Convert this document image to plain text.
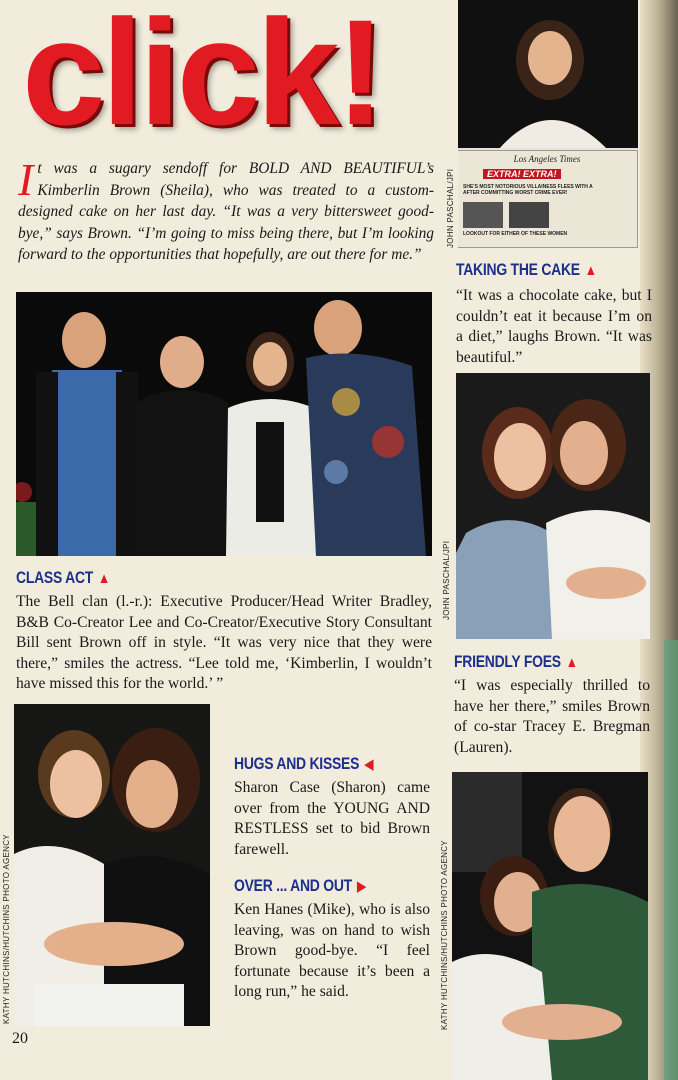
click!
It was a sugary sendoff for BOLD AND BEAUTIFUL’s Kimberlin Brown (Sheila), who was treated to a custom-designed cake on her last day. “It was a very bittersweet good-bye,” says Brown. “I’m going to miss being there, but I’m looking forward to the opportunities that hopefully, are out there for me.”
Los Angeles Times
EXTRA! EXTRA!
SHE’S MOST NOTORIOUS VILLAINESS FLEES WITH A
AFTER COMMITTING WORST CRIME EVER!
LOOKOUT FOR EITHER OF THESE WOMEN
JOHN PASCHAL/JPI
JOHN PASCHAL/JPI
KATHY HUTCHINS/HUTCHINS PHOTO AGENCY	KATHY HUTCHINS/HUTCHINS PHOTO AGENCY
TAKING THE CAKE ▲
“It was a chocolate cake, but I couldn’t eat it because I’m on a diet,” laughs Brown. “It was beautiful.”
CLASS ACT ▲
The Bell clan (l.-r.): Executive Producer/Head Writer Bradley, B&B Co-Creator Lee and Co-Creator/Executive Story Consultant Bill sent Brown off in style. “It was very nice that they were there,” smiles the actress. “Lee told me, ‘Kimberlin, I wouldn’t have missed this for the world.’ ”
FRIENDLY FOES ▲
“I was especially thrilled to have her there,” smiles Brown of co-star Tracey E. Bregman (Lauren).
HUGS AND KISSES ◀
Sharon Case (Sharon) came over from the YOUNG AND RESTLESS set to bid Brown farewell.
OVER ... AND OUT ▶
Ken Hanes (Mike), who is also leaving, was on hand to wish Brown good-bye. “I feel fortunate because it’s been a long run,” he said.
20
